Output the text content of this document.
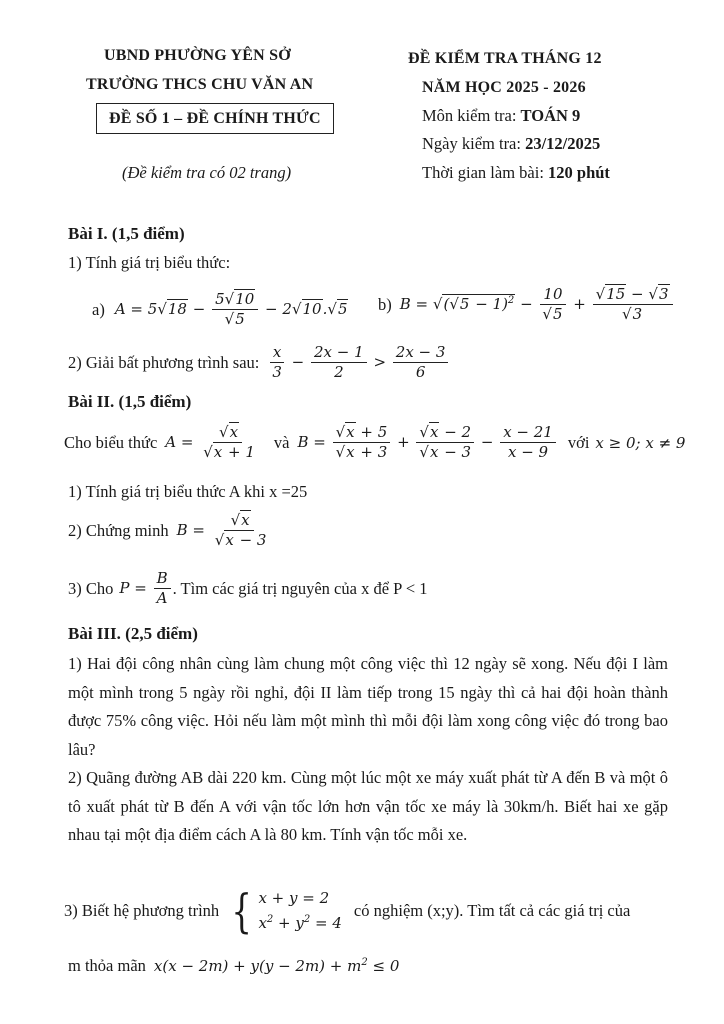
UBND PHƯỜNG YÊN SỞ
TRƯỜNG THCS CHU VĂN AN
ĐỀ SỐ 1 – ĐỀ CHÍNH THỨC
(Đề kiểm tra có 02 trang)
ĐỀ KIỂM TRA THÁNG 12
NĂM HỌC 2025 - 2026
Môn kiểm tra: TOÁN 9
Ngày kiểm tra: 23/12/2025
Thời gian làm bài: 120 phút
Bài I. (1,5 điểm)
1) Tính giá trị biểu thức:
a) $A = 5√18 - \frac{5√10}{√5} - 2√10.√5$ b) $B = √(√5 - 1)^2 - \frac{10}{√5} + \frac{√15 - √3}{√3}$
2) Giải bất phương trình sau: $\frac{x}{3} - \frac{2x - 1}{2} > \frac{2x - 3}{6}$
Bài II. (1,5 điểm)
Cho biểu thức $A = \frac{√x}{√x + 1}$ và $B = \frac{√x + 5}{√x + 3} + \frac{√x - 2}{√x - 3} - \frac{x - 21}{x - 9}$ với x ≥ 0; x ≠ 9
1) Tính giá trị biểu thức A khi x =25
2) Chứng minh $B = \frac{√x}{√x - 3}$
3) Cho $P = \frac{B}{A}$ . Tìm các giá trị nguyên của x để P < 1
Bài III. (2,5 điểm)
1) Hai đội công nhân cùng làm chung một công việc thì 12 ngày sẽ xong. Nếu đội I làm một mình trong 5 ngày rồi nghỉ, đội II làm tiếp trong 15 ngày thì cả hai đội hoàn thành được 75% công việc. Hỏi nếu làm một mình thì mỗi đội làm xong công việc đó trong bao lâu?
2) Quãng đường AB dài 220 km. Cùng một lúc một xe máy xuất phát từ A đến B và một ô tô xuất phát từ B đến A với vận tốc lớn hơn vận tốc xe máy là 30km/h. Biết hai xe gặp nhau tại một địa điểm cách A là 80 km. Tính vận tốc mỗi xe.
3) Biết hệ phương trình { x + y = 2
$x^2 + y^2 = 4$
có nghiệm (x;y). Tìm tất cả các giá trị của
m thỏa mãn $x(x - 2m) + y(y - 2m) + m^2 \le 0$
